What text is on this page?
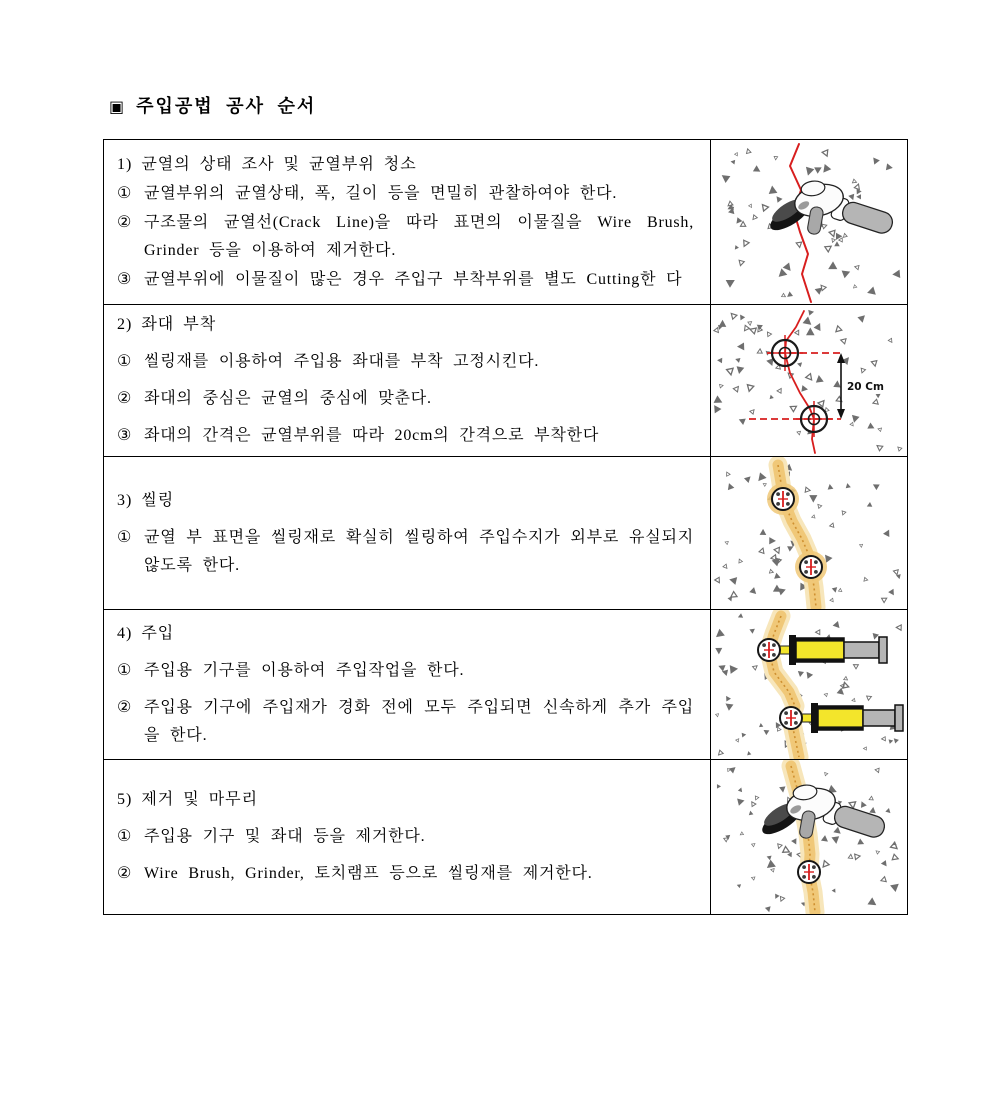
▣ 주입공법 공사 순서
1) 균열의 상태 조사 및 균열부위 청소
① 균열부위의 균열상태, 폭, 길이 등을 면밀히 관찰하여야 한다.
② 구조물의 균열선(Crack Line)을 따라 표면의 이물질을 Wire Brush, Grinder 등을 이용하여 제거한다.
③ 균열부위에 이물질이 많은 경우 주입구 부착부위를 별도 Cutting한 다

2) 좌대 부착
① 씰링재를 이용하여 주입용 좌대를 부착 고정시킨다.
② 좌대의 중심은 균열의 중심에 맞춘다.
③ 좌대의 간격은 균열부위를 따라 20cm의 간격으로 부착한다

20 Cm

3) 씰링
① 균열 부 표면을 씰링재로 확실히 씰링하여 주입수지가 외부로 유실되지 않도록 한다.

4) 주입
① 주입용 기구를 이용하여 주입작업을 한다.
② 주입용 기구에 주입재가 경화 전에 모두 주입되면 신속하게 추가 주입을 한다.

5) 제거 및 마무리
① 주입용 기구 및 좌대 등을 제거한다.
② Wire Brush, Grinder, 토치램프 등으로 씰링재를 제거한다.
